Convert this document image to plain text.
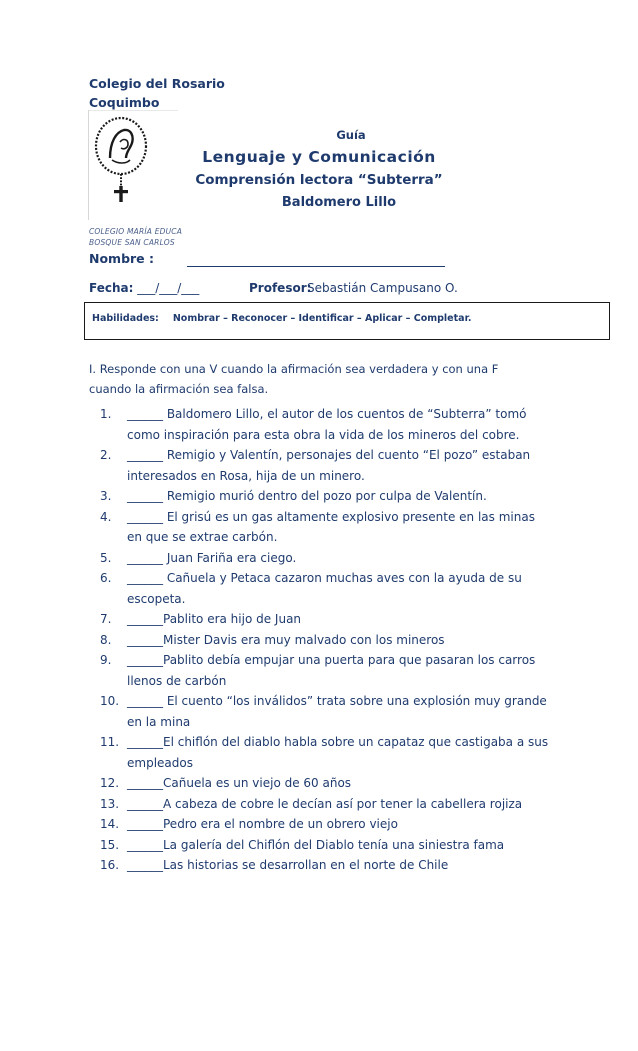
Colegio del Rosario
Coquimbo
COLEGIO MARÍA EDUCA
BOSQUE SAN CARLOS
Guía
Lenguaje y Comunicación
Comprensión lectora “Subterra”
Baldomero Lillo
Nombre :
Fecha: ___/___/___	Profesor:
Sebastián Campusano O.
Habilidades: Nombrar – Reconocer – Identificar – Aplicar – Completar.
I. Responde con una V cuando la afirmación sea verdadera y con una F cuando la afirmación sea falsa.
1.	______ Baldomero Lillo, el autor de los cuentos de “Subterra” tomó como inspiración para esta obra la vida de los mineros del cobre.
2.	______ Remigio y Valentín, personajes del cuento “El pozo” estaban interesados en Rosa, hija de un minero.
3.	______ Remigio murió dentro del pozo por culpa de Valentín.
4.	______ El grisú es un gas altamente explosivo presente en las minas en que se extrae carbón.
5.	______ Juan Fariña era ciego.
6.	______ Cañuela y Petaca cazaron muchas aves con la ayuda de su escopeta.
7.	______Pablito era hijo de Juan
8.	______Mister Davis era muy malvado con los mineros
9.	______Pablito debía empujar una puerta para que pasaran los carros llenos de carbón
10. ______ El cuento “los inválidos” trata sobre una explosión muy grande en la mina
11. ______El chiflón del diablo habla sobre un capataz que castigaba a sus empleados
12. ______Cañuela es un viejo de 60 años
13. ______A cabeza de cobre le decían así por tener la cabellera rojiza
14. ______Pedro era el nombre de un obrero viejo
15. ______La galería del Chiflón del Diablo tenía una siniestra fama
16. ______Las historias se desarrollan en el norte de Chile
